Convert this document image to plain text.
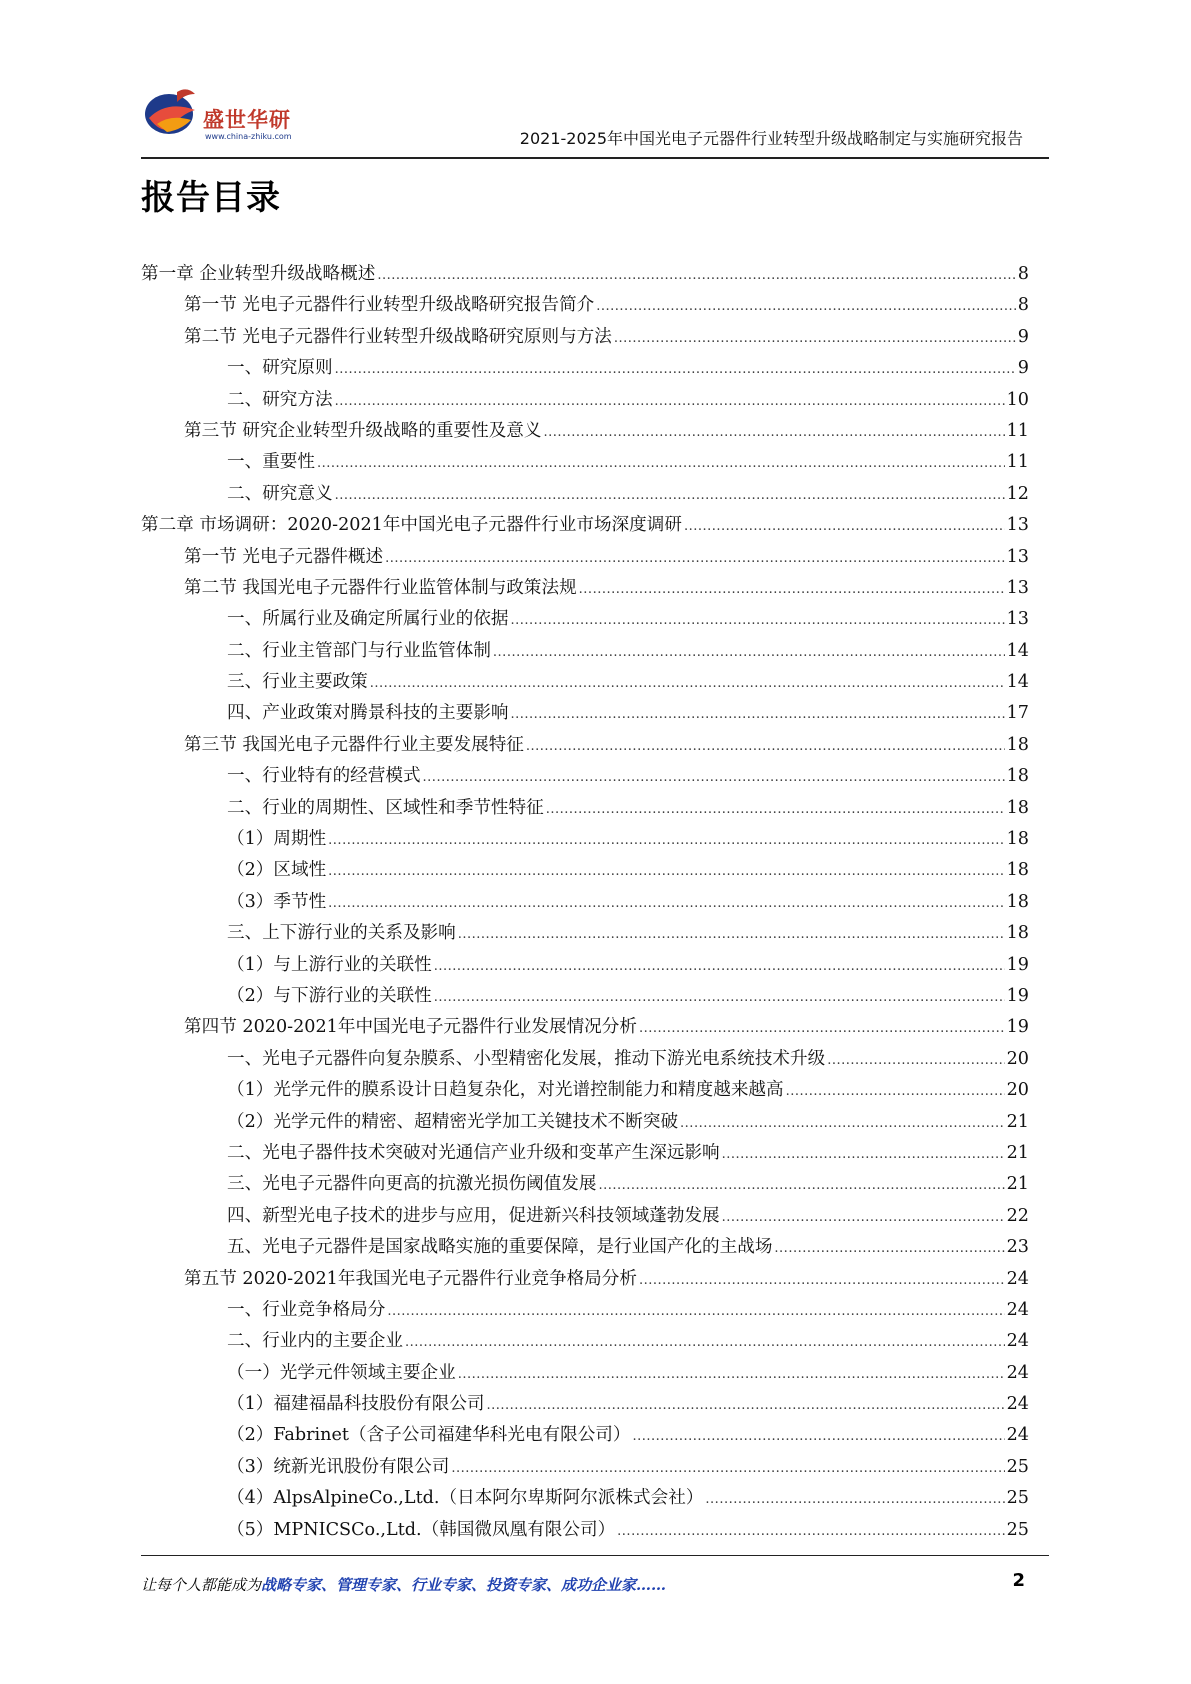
盛世华研
www.china-zhiku.com	2021-2025年中国光电子元器件行业转型升级战略制定与实施研究报告
报告目录
第一章 企业转型升级战略概述 .....	8
第一节 光电子元器件行业转型升级战略研究报告简介 .....	8
第二节 光电子元器件行业转型升级战略研究原则与方法 .....	9
一、研究原则 .....	9
二、研究方法 .....	10
第三节 研究企业转型升级战略的重要性及意义 .....	11
一、重要性 .....	11
二、研究意义 .....	12
第二章 市场调研：2020-2021年中国光电子元器件行业市场深度调研 .....	13
第一节 光电子元器件概述 .....	13
第二节 我国光电子元器件行业监管体制与政策法规 .....	13
一、所属行业及确定所属行业的依据 .....	13
二、行业主管部门与行业监管体制 .....	14
三、行业主要政策 .....	14
四、产业政策对腾景科技的主要影响 .....	17
第三节 我国光电子元器件行业主要发展特征 .....	18
一、行业特有的经营模式 .....	18
二、行业的周期性、区域性和季节性特征 .....	18
（1）周期性 .....	18
（2）区域性 .....	18
（3）季节性 .....	18
三、上下游行业的关系及影响 .....	18
（1）与上游行业的关联性 .....	19
（2）与下游行业的关联性 .....	19
第四节 2020-2021年中国光电子元器件行业发展情况分析 .....	19
一、光电子元器件向复杂膜系、小型精密化发展，推动下游光电系统技术升级 .....	20
（1）光学元件的膜系设计日趋复杂化，对光谱控制能力和精度越来越高 .....	20
（2）光学元件的精密、超精密光学加工关键技术不断突破 .....	21
二、光电子器件技术突破对光通信产业升级和变革产生深远影响 .....	21
三、光电子元器件向更高的抗激光损伤阈值发展 .....	21
四、新型光电子技术的进步与应用，促进新兴科技领域蓬勃发展 .....	22
五、光电子元器件是国家战略实施的重要保障，是行业国产化的主战场 .....	23
第五节 2020-2021年我国光电子元器件行业竞争格局分析 .....	24
一、行业竞争格局分 .....	24
二、行业内的主要企业 .....	24
（一）光学元件领域主要企业 .....	24
（1）福建福晶科技股份有限公司 .....	24
（2）Fabrinet（含子公司福建华科光电有限公司） .....	24
（3）统新光讯股份有限公司 .....	25
（4）AlpsAlpineCo.,Ltd.（日本阿尔卑斯阿尔派株式会社） .....	25
（5）MPNICSCo.,Ltd.（韩国微凤凰有限公司） .....	25
让每个人都能成为战略专家、管理专家、行业专家、投资专家、成功企业家……	2
